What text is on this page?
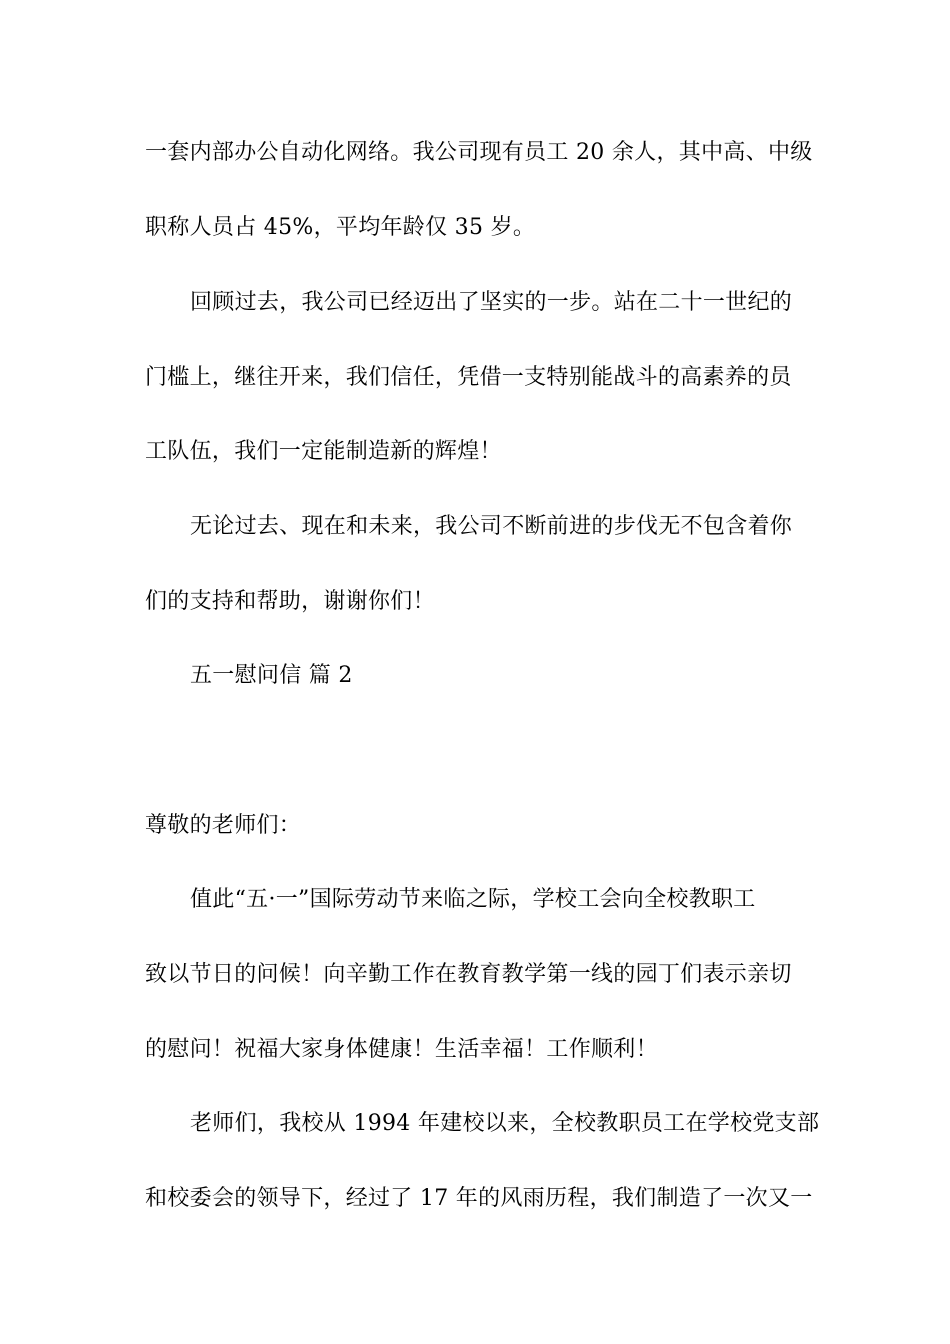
一套内部办公自动化网络。我公司现有员工 20 余人，其中高、中级
职称人员占 45%，平均年龄仅 35 岁。
回顾过去，我公司已经迈出了坚实的一步。站在二十一世纪的
门槛上，继往开来，我们信任，凭借一支特别能战斗的高素养的员
工队伍，我们一定能制造新的辉煌！
无论过去、现在和未来，我公司不断前进的步伐无不包含着你
们的支持和帮助，谢谢你们！
五一慰问信 篇 2
尊敬的老师们：
值此“五·一”国际劳动节来临之际，学校工会向全校教职工
致以节日的问候！向辛勤工作在教育教学第一线的园丁们表示亲切
的慰问！祝福大家身体健康！生活幸福！工作顺利！
老师们，我校从 1994 年建校以来，全校教职员工在学校党支部
和校委会的领导下，经过了 17 年的风雨历程，我们制造了一次又一
